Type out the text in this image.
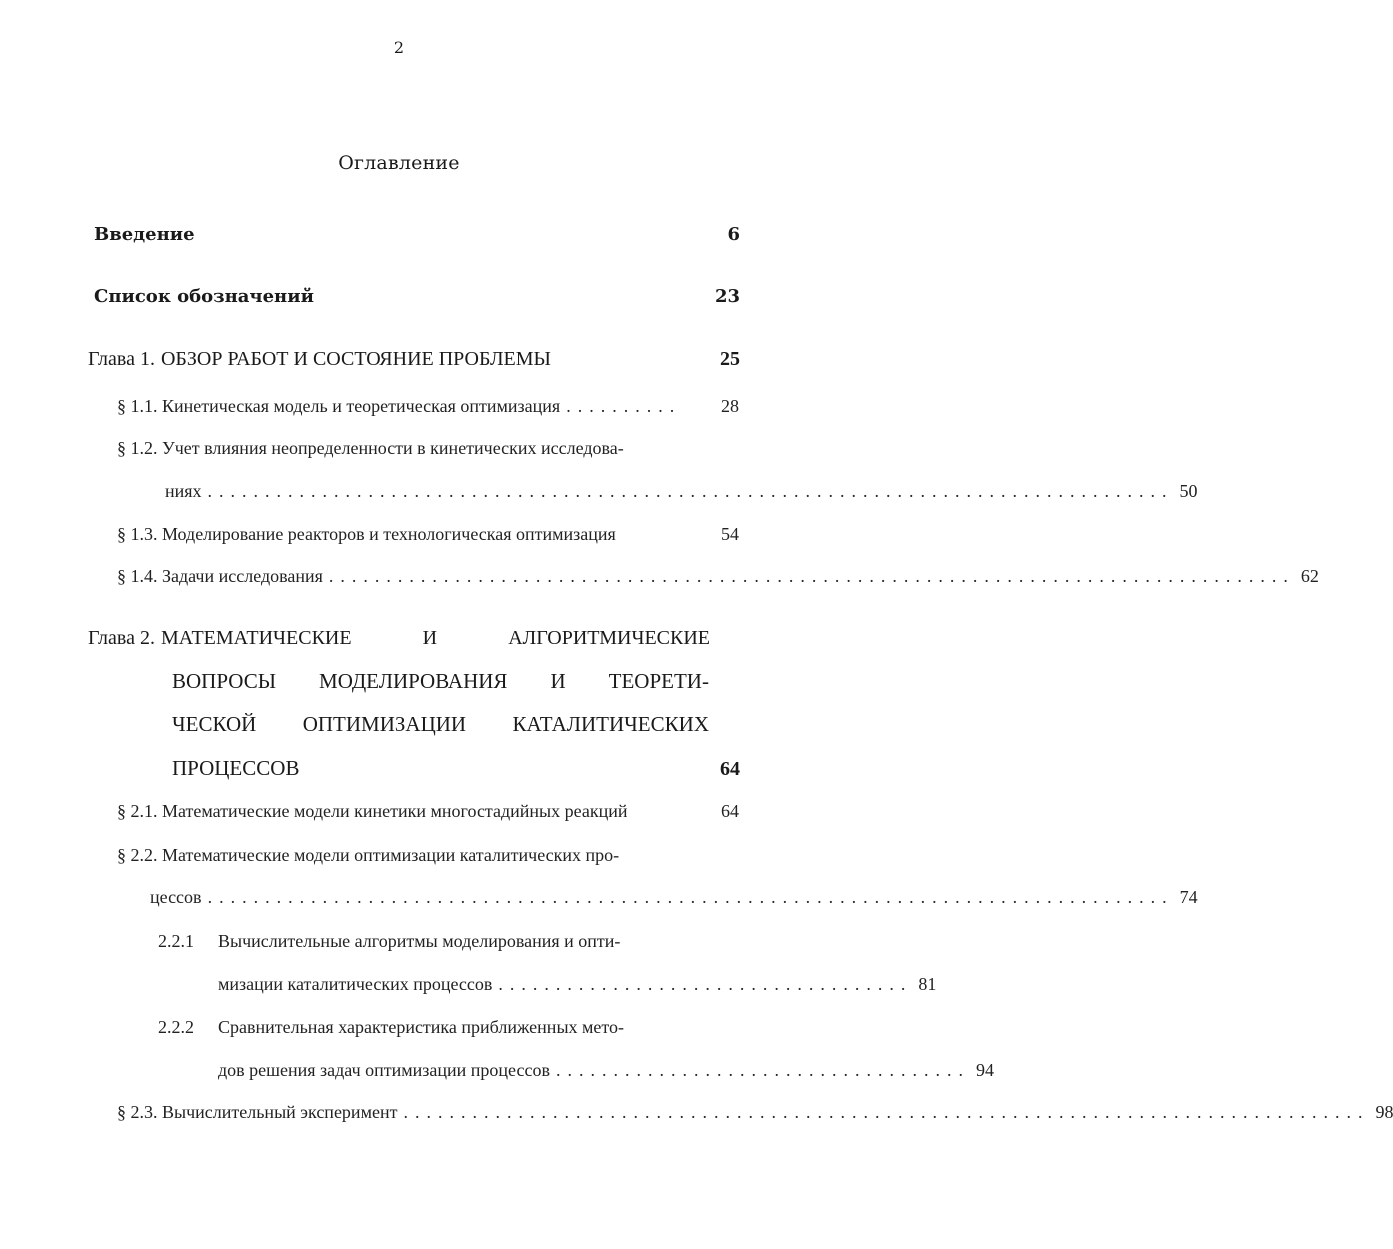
2
Оглавление
Введение	6
Список обозначений	23
Глава 1. ОБЗОР РАБОТ И СОСТОЯНИЕ ПРОБЛЕМЫ	25
§ 1.1. Кинетическая модель и теоретическая оптимизация ..........	28
§ 1.2. Учет влияния неопределенности в кинетических исследова-
ниях .................................................................................... 50
§ 1.3. Моделирование реакторов и технологическая оптимизация	54
§ 1.4. Задачи исследования .................................................................................... 62
Глава 2. МАТЕМАТИЧЕСКИЕ	И	АЛГОРИТМИЧЕСКИЕ
ВОПРОСЫ МОДЕЛИРОВАНИЯ И ТЕОРЕТИ-
ЧЕСКОЙ ОПТИМИЗАЦИИ КАТАЛИТИЧЕСКИХ
ПРОЦЕССОВ	64
§ 2.1. Математические модели кинетики многостадийных реакций	64
§ 2.2. Математические модели оптимизации каталитических про-
цессов .................................................................................... 74
2.2.1 Вычислительные алгоритмы моделирования и опти-
мизации каталитических процессов .................................... 81
2.2.2 Сравнительная характеристика приближенных мето-
дов решения задач оптимизации процессов .................................... 94
§ 2.3. Вычислительный эксперимент .................................................................................... 98
